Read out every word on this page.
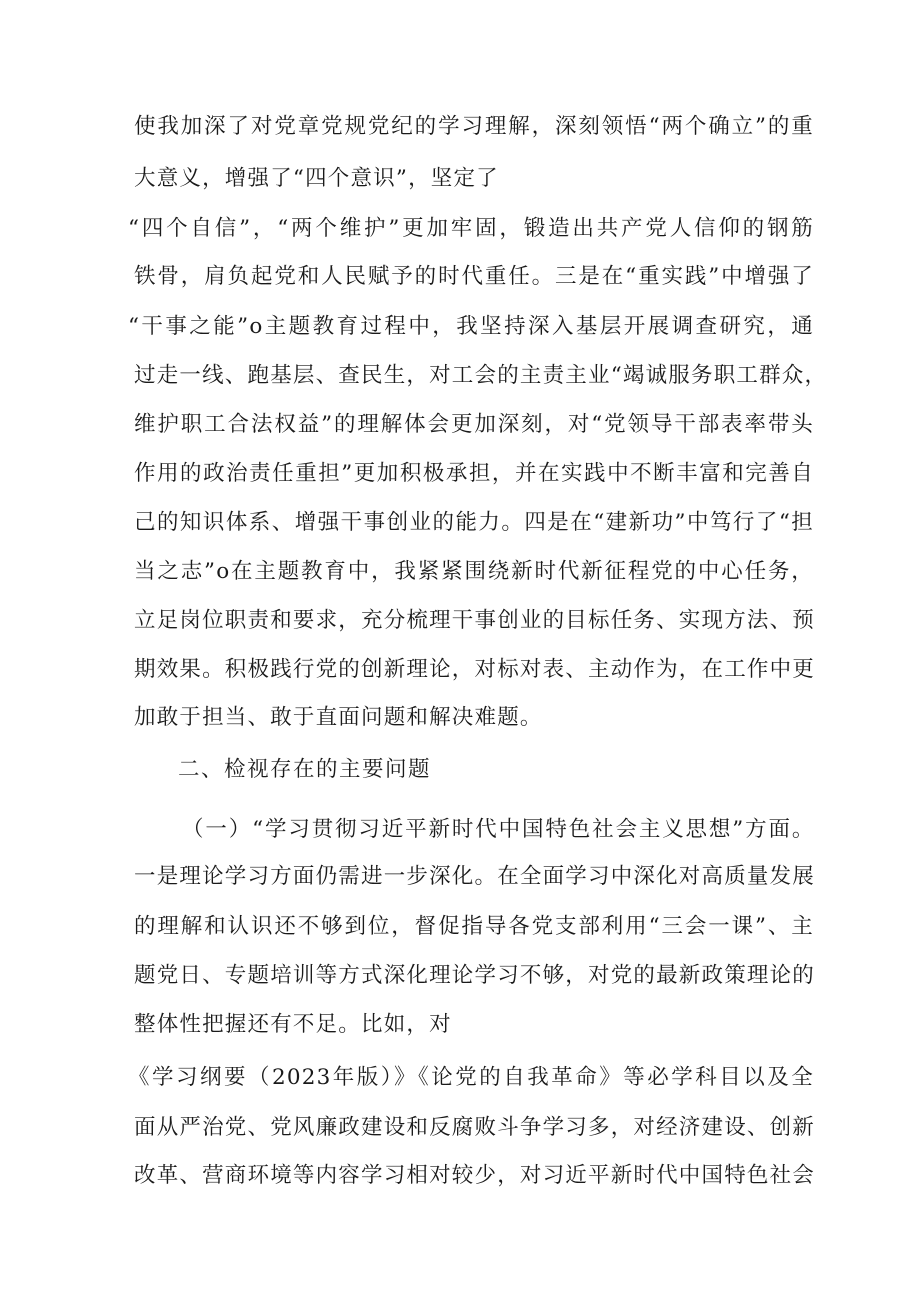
使我加深了对党章党规党纪的学习理解，深刻领悟“两个确立”的重
大意义，增强了“四个意识”，坚定了
“四个自信”，“两个维护”更加牢固，锻造出共产党人信仰的钢筋
铁骨，肩负起党和人民赋予的时代重任。三是在“重实践”中增强了
“干事之能”o主题教育过程中，我坚持深入基层开展调查研究，通
过走一线、跑基层、查民生，对工会的主责主业“竭诚服务职工群众，
维护职工合法权益”的理解体会更加深刻，对“党领导干部表率带头
作用的政治责任重担”更加积极承担，并在实践中不断丰富和完善自
己的知识体系、增强干事创业的能力。四是在“建新功”中笃行了“担
当之志”o在主题教育中，我紧紧围绕新时代新征程党的中心任务，
立足岗位职责和要求，充分梳理干事创业的目标任务、实现方法、预
期效果。积极践行党的创新理论，对标对表、主动作为，在工作中更
加敢于担当、敢于直面问题和解决难题。
二、检视存在的主要问题
（一）“学习贯彻习近平新时代中国特色社会主义思想”方面。
一是理论学习方面仍需进一步深化。在全面学习中深化对高质量发展
的理解和认识还不够到位，督促指导各党支部利用“三会一课”、主
题党日、专题培训等方式深化理论学习不够，对党的最新政策理论的
整体性把握还有不足。比如，对
《学习纲要（2023年版）》《论党的自我革命》等必学科目以及全
面从严治党、党风廉政建设和反腐败斗争学习多，对经济建设、创新
改革、营商环境等内容学习相对较少，对习近平新时代中国特色社会
